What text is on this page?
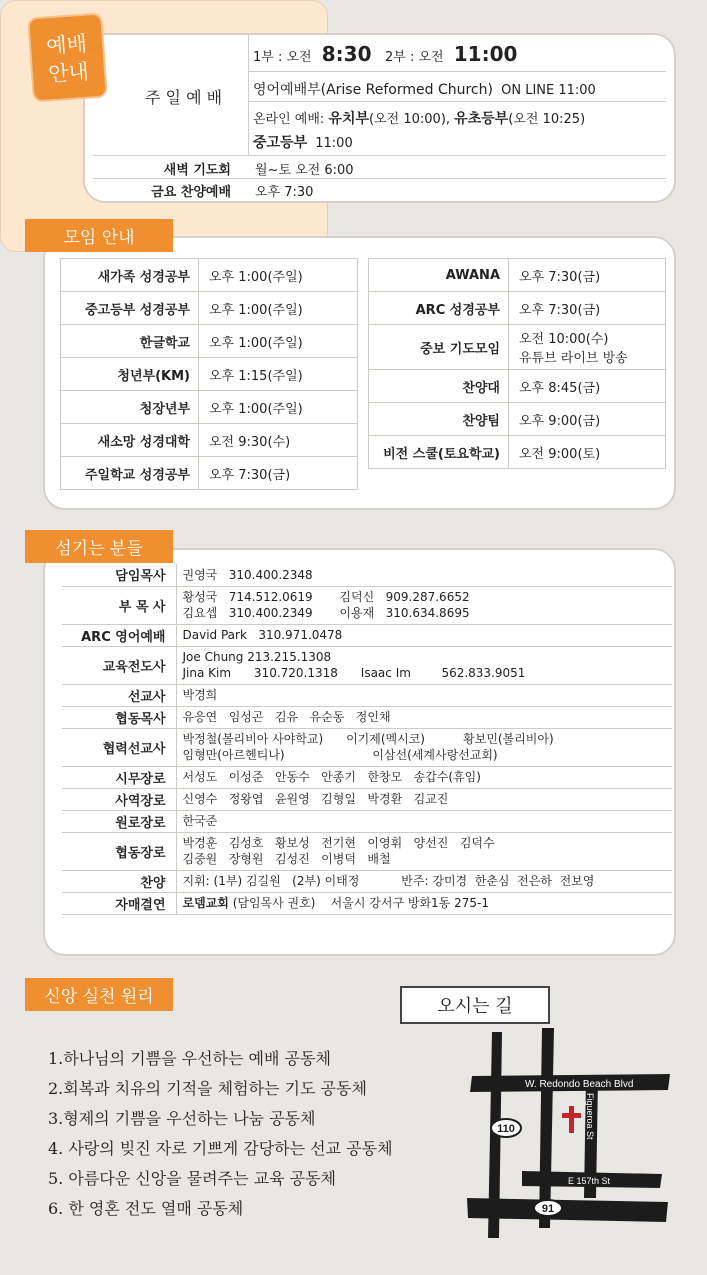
주 일 예 배
1부 : 오전 8:30 2부 : 오전 11:00
영어예배부(Arise Reformed Church) ON LINE 11:00
온라인 예배: 유치부(오전 10:00), 유초등부(오전 10:25)
중고등부 11:00
새벽 기도회 월~토 오전 6:00
금요 찬양예배 오후 7:30
예배
안내
모임 안내
새가족 성경공부	오후 1:00(주일)

중고등부 성경공부	오후 1:00(주일)

한글학교	오후 1:00(주일)

청년부(KM)	오후 1:15(주일)

청장년부	오후 1:00(주일)

새소망 성경대학	오전 9:30(수)

주일학교 성경공부	오후 7:30(금)
AWANA	오후 7:30(금)

ARC 성경공부	오후 7:30(금)

중보 기도모임	오전 10:00(수)
유튜브 라이브 방송

찬양대	오후 8:45(금)

찬양팀	오후 9:00(금)

비전 스쿨(토요학교)	오전 9:00(토)
섬기는 분들
담임목사	권영국   310.400.2348

부 목 사	황성국   714.512.0619       김덕신   909.287.6652
김요셉   310.400.2349       이용재   310.634.8695

ARC 영어예배	David Park   310.971.0478

교육전도사	Joe Chung 213.215.1308
Jina Kim      310.720.1318      Isaac Im        562.833.9051

선교사	박경희

협동목사	유응연   임성곤   김유   유순동   정인채

협력선교사	박정철(볼리비아 사야학교)      이기제(멕시코)          황보민(볼리비아)
임형만(아르헨티나)                       이삼선(세계사랑선교회)

시무장로	서성도   이성준   안동수   안종기   한창모   송갑수(휴임)

사역장로	신영수   정왕엽   윤원영   김형일   박경환   김교진

원로장로	한국준

협동장로	박경훈   김성호   황보성   전기현   이영휘   양선진   김덕수
김중원   장형원   김성진   이병덕   배철

찬양	지휘: (1부) 김길원   (2부) 이태정           반주: 강미경  한춘심  전은하  전보영

자매결연	로뎀교회 (담임목사 권호)    서울시 강서구 방화1동 275-1
신앙 실천 원리
1.하나님의 기쁨을 우선하는 예배 공동체
2.회복과 치유의 기적을 체험하는 기도 공동체
3.형제의 기쁨을 우선하는 나눔 공동체
4. 사랑의 빚진 자로 기쁘게 감당하는 선교 공동체
5. 아름다운 신앙을 물려주는 교육 공동체
6. 한 영혼 전도 열매 공동체
오시는 길
W. Redondo Beach Blvd
Figueroa St
E 157th St
110
91
